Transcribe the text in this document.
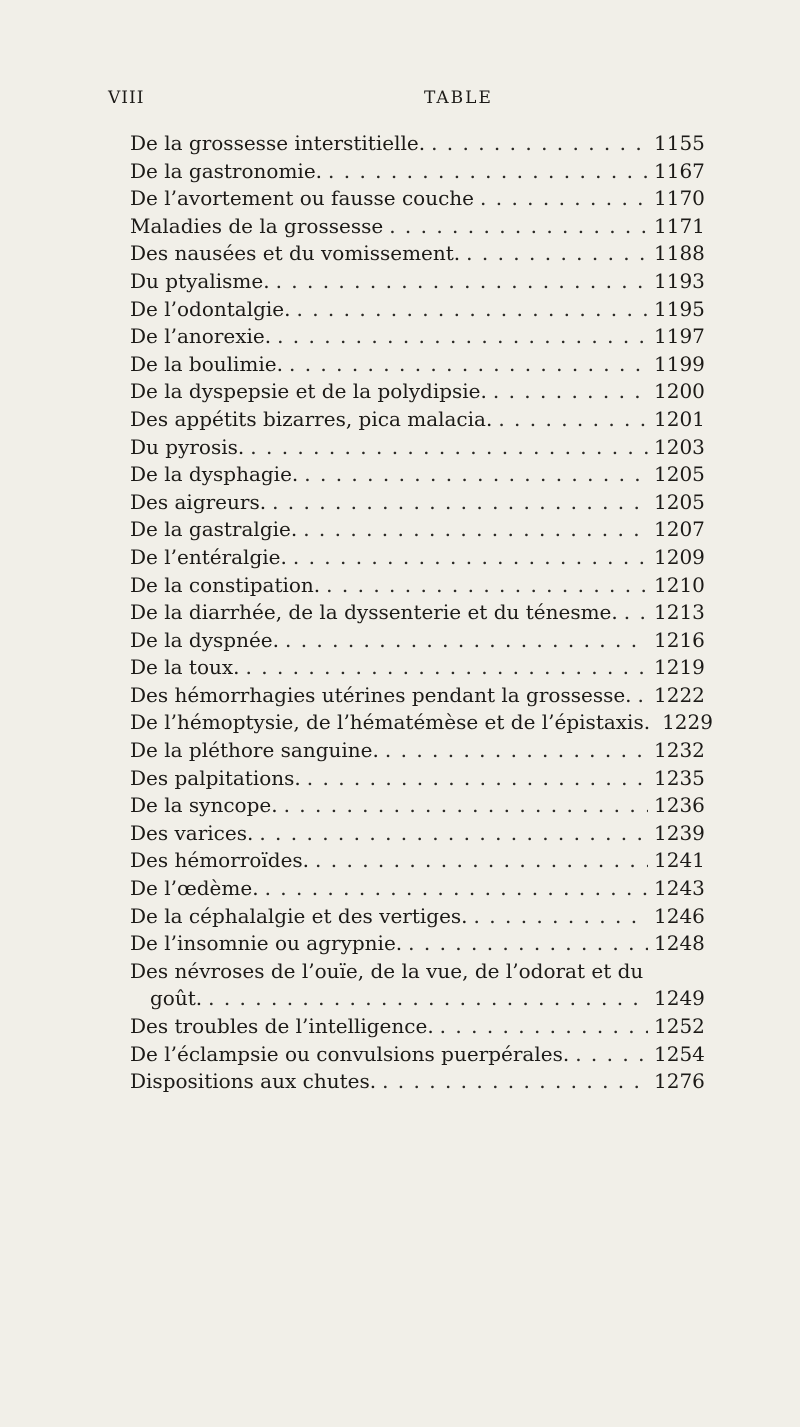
VIII	TABLE
De la grossesse interstitielle. . . .	1155
De la gastronomie. . . .	1167
De l’avortement ou fausse couche . . .	1170
Maladies de la grossesse . . .	1171
Des nausées et du vomissement. . . .	1188
Du ptyalisme. . . .	1193
De l’odontalgie. . . .	1195
De l’anorexie. . . .	1197
De la boulimie. . . .	1199
De la dyspepsie et de la polydipsie. . . .	1200
Des appétits bizarres, pica malacia. . . .	1201
Du pyrosis. . . .	1203
De la dysphagie. . . .	1205
Des aigreurs. . . .	1205
De la gastralgie. . . .	1207
De l’entéralgie. . . .	1209
De la constipation. . . .	1210
De la diarrhée, de la dyssenterie et du ténesme. . . . 1213
De la dyspnée. . . .	1216
De la toux. . . .	1219
Des hémorrhagies utérines pendant la grossesse. . . . 1222
De l’hémoptysie, de l’hématémèse et de l’épistaxis. 1229
De la pléthore sanguine. . . .	1232
Des palpitations. . . .	1235
De la syncope. . . .	1236
Des varices. . . .	1239
Des hémorroïdes. . . .	1241
De l’œdème. . . .	1243
De la céphalalgie et des vertiges. . . .	1246
De l’insomnie ou agrypnie. . . .	1248
Des névroses de l’ouïe, de la vue, de l’odorat et du
goût. . . .	1249
Des troubles de l’intelligence. . . .	1252
De l’éclampsie ou convulsions puerpérales. . . .	1254
Dispositions aux chutes. . . .	1276
